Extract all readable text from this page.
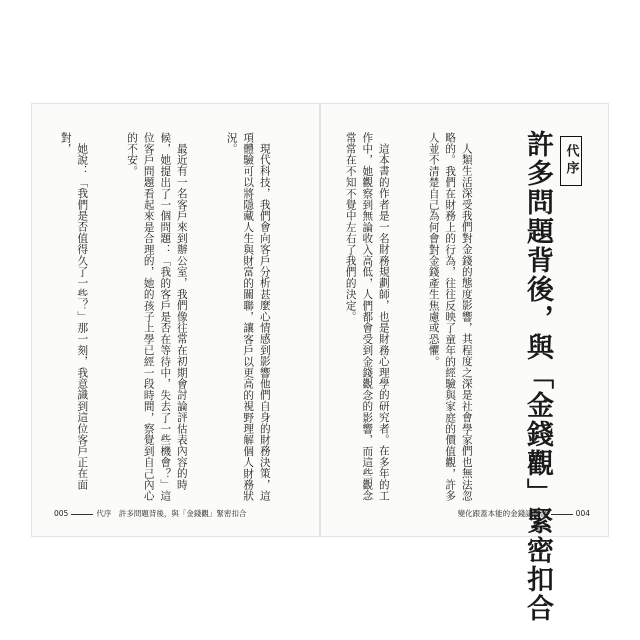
現代科技，我們會向客戶分析甚麼心情感到影響他們自身的財務決策，這項體驗可以將隱藏人生與財富的關聯，讓客戶以更高的視野理解個人財務狀況。

最近有一名客戶來到辦公室，我們像往常在初期會討論評估表內容的時候，她提出了一個問題：「我的客戶是否在等待中，失去了一些機會？」這位客戶問題看起來是合理的，她的孩子上學已經一段時間，察覺到自己內心的不安。

她說：「我們是否值得久了一些？」那一刻，我意識到這位客戶正在面對，

005	代序　許多問題背後，與「金錢觀」緊密扣合
代序
許多問題背後，與「金錢觀」緊密扣合

人類生活深受我們對金錢的態度影響，其程度之深是社會學家們也無法忽略的。我們在財務上的行為，往往反映了童年的經驗與家庭的價值觀，許多人並不清楚自己為何會對金錢產生焦慮或恐懼。

這本書的作者是一名財務規劃師，也是財務心理學的研究者。在多年的工作中，她觀察到無論收入高低，人們都會受到金錢觀念的影響，而這些觀念常常在不知不覺中左右了我們的決定。

變化跟蓋本能的金錢議題書	004
